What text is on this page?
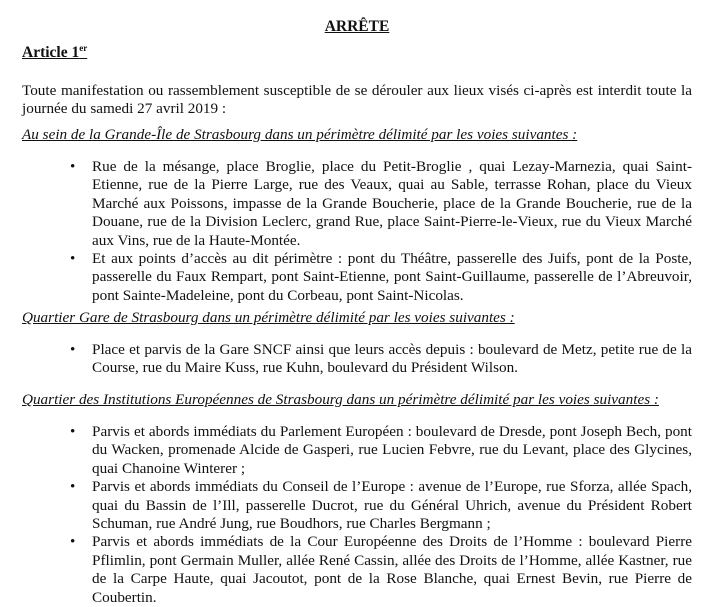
ARRÊTE
Article 1er
Toute manifestation ou rassemblement susceptible de se dérouler aux lieux visés ci-après est interdit toute la journée du samedi 27 avril 2019 :
Au sein de la Grande-Île de Strasbourg dans un périmètre délimité par les voies suivantes :
•	Rue de la mésange, place Broglie, place du Petit-Broglie , quai Lezay-Marnezia, quai Saint-Etienne, rue de la Pierre Large, rue des Veaux, quai au Sable, terrasse Rohan, place du Vieux Marché aux Poissons, impasse de la Grande Boucherie, place de la Grande Boucherie, rue de la Douane, rue de la Division Leclerc, grand Rue, place Saint-Pierre-le-Vieux, rue du Vieux Marché aux Vins, rue de la Haute-Montée.
•	Et aux points d’accès au dit périmètre : pont du Théâtre, passerelle des Juifs, pont de la Poste, passerelle du Faux Rempart, pont Saint-Etienne, pont Saint-Guillaume, passerelle de l’Abreuvoir, pont Sainte-Madeleine, pont du Corbeau, pont Saint-Nicolas.
Quartier Gare de Strasbourg dans un périmètre délimité par les voies suivantes :
•	Place et parvis de la Gare SNCF ainsi que leurs accès depuis : boulevard de Metz, petite rue de la Course, rue du Maire Kuss, rue Kuhn, boulevard du Président Wilson.
Quartier des Institutions Européennes de Strasbourg dans un périmètre délimité par les voies suivantes :
•	Parvis et abords immédiats du Parlement Européen : boulevard de Dresde, pont Joseph Bech, pont du Wacken, promenade Alcide de Gasperi, rue Lucien Febvre, rue du Levant, place des Glycines, quai Chanoine Winterer ;
•	Parvis et abords immédiats du Conseil de l’Europe : avenue de l’Europe, rue Sforza, allée Spach, quai du Bassin de l’Ill, passerelle Ducrot, rue du Général Uhrich, avenue du Président Robert Schuman, rue André Jung, rue Boudhors, rue Charles Bergmann ;
•	Parvis et abords immédiats de la Cour Européenne des Droits de l’Homme : boulevard Pierre Pflimlin, pont Germain Muller, allée René Cassin, allée des Droits de l’Homme, allée Kastner, rue de la Carpe Haute, quai Jacoutot, pont de la Rose Blanche, quai Ernest Bevin, rue Pierre de Coubertin.
